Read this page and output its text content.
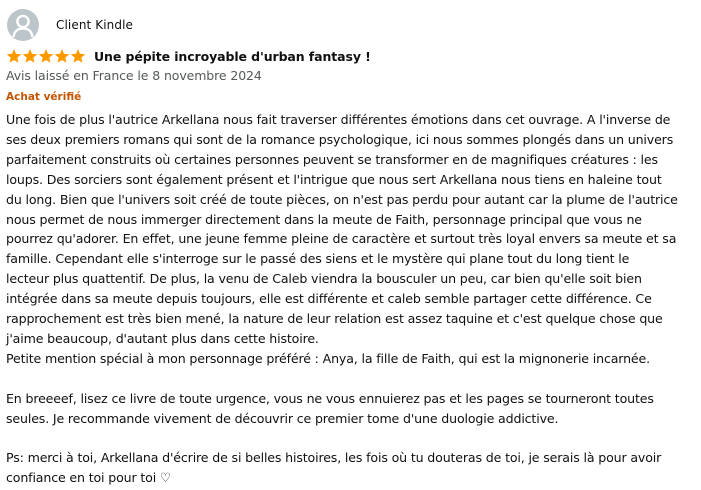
Client Kindle
Une pépite incroyable d'urban fantasy !
Avis laissé en France le 8 novembre 2024
Achat vérifié

Une fois de plus l'autrice Arkellana nous fait traverser différentes émotions dans cet ouvrage. A l'inverse de

ses deux premiers romans qui sont de la romance psychologique, ici nous sommes plongés dans un univers

parfaitement construits où certaines personnes peuvent se transformer en de magnifiques créatures : les

loups. Des sorciers sont également présent et l'intrigue que nous sert Arkellana nous tiens en haleine tout

du long. Bien que l'univers soit créé de toute pièces, on n'est pas perdu pour autant car la plume de l'autrice

nous permet de nous immerger directement dans la meute de Faith, personnage principal que vous ne

pourrez qu'adorer. En effet, une jeune femme pleine de caractère et surtout très loyal envers sa meute et sa

famille. Cependant elle s'interroge sur le passé des siens et le mystère qui plane tout du long tient le

lecteur plus quattentif. De plus, la venu de Caleb viendra la bousculer un peu, car bien qu'elle soit bien

intégrée dans sa meute depuis toujours, elle est différente et caleb semble partager cette différence. Ce

rapprochement est très bien mené, la nature de leur relation est assez taquine et c'est quelque chose que

j'aime beaucoup, d'autant plus dans cette histoire.

Petite mention spécial à mon personnage préféré : Anya, la fille de Faith, qui est la mignonerie incarnée.

En breeeef, lisez ce livre de toute urgence, vous ne vous ennuierez pas et les pages se tourneront toutes

seules. Je recommande vivement de découvrir ce premier tome d'une duologie addictive.

Ps: merci à toi, Arkellana d'écrire de si belles histoires, les fois où tu douteras de toi, je serais là pour avoir

confiance en toi pour toi ♡
